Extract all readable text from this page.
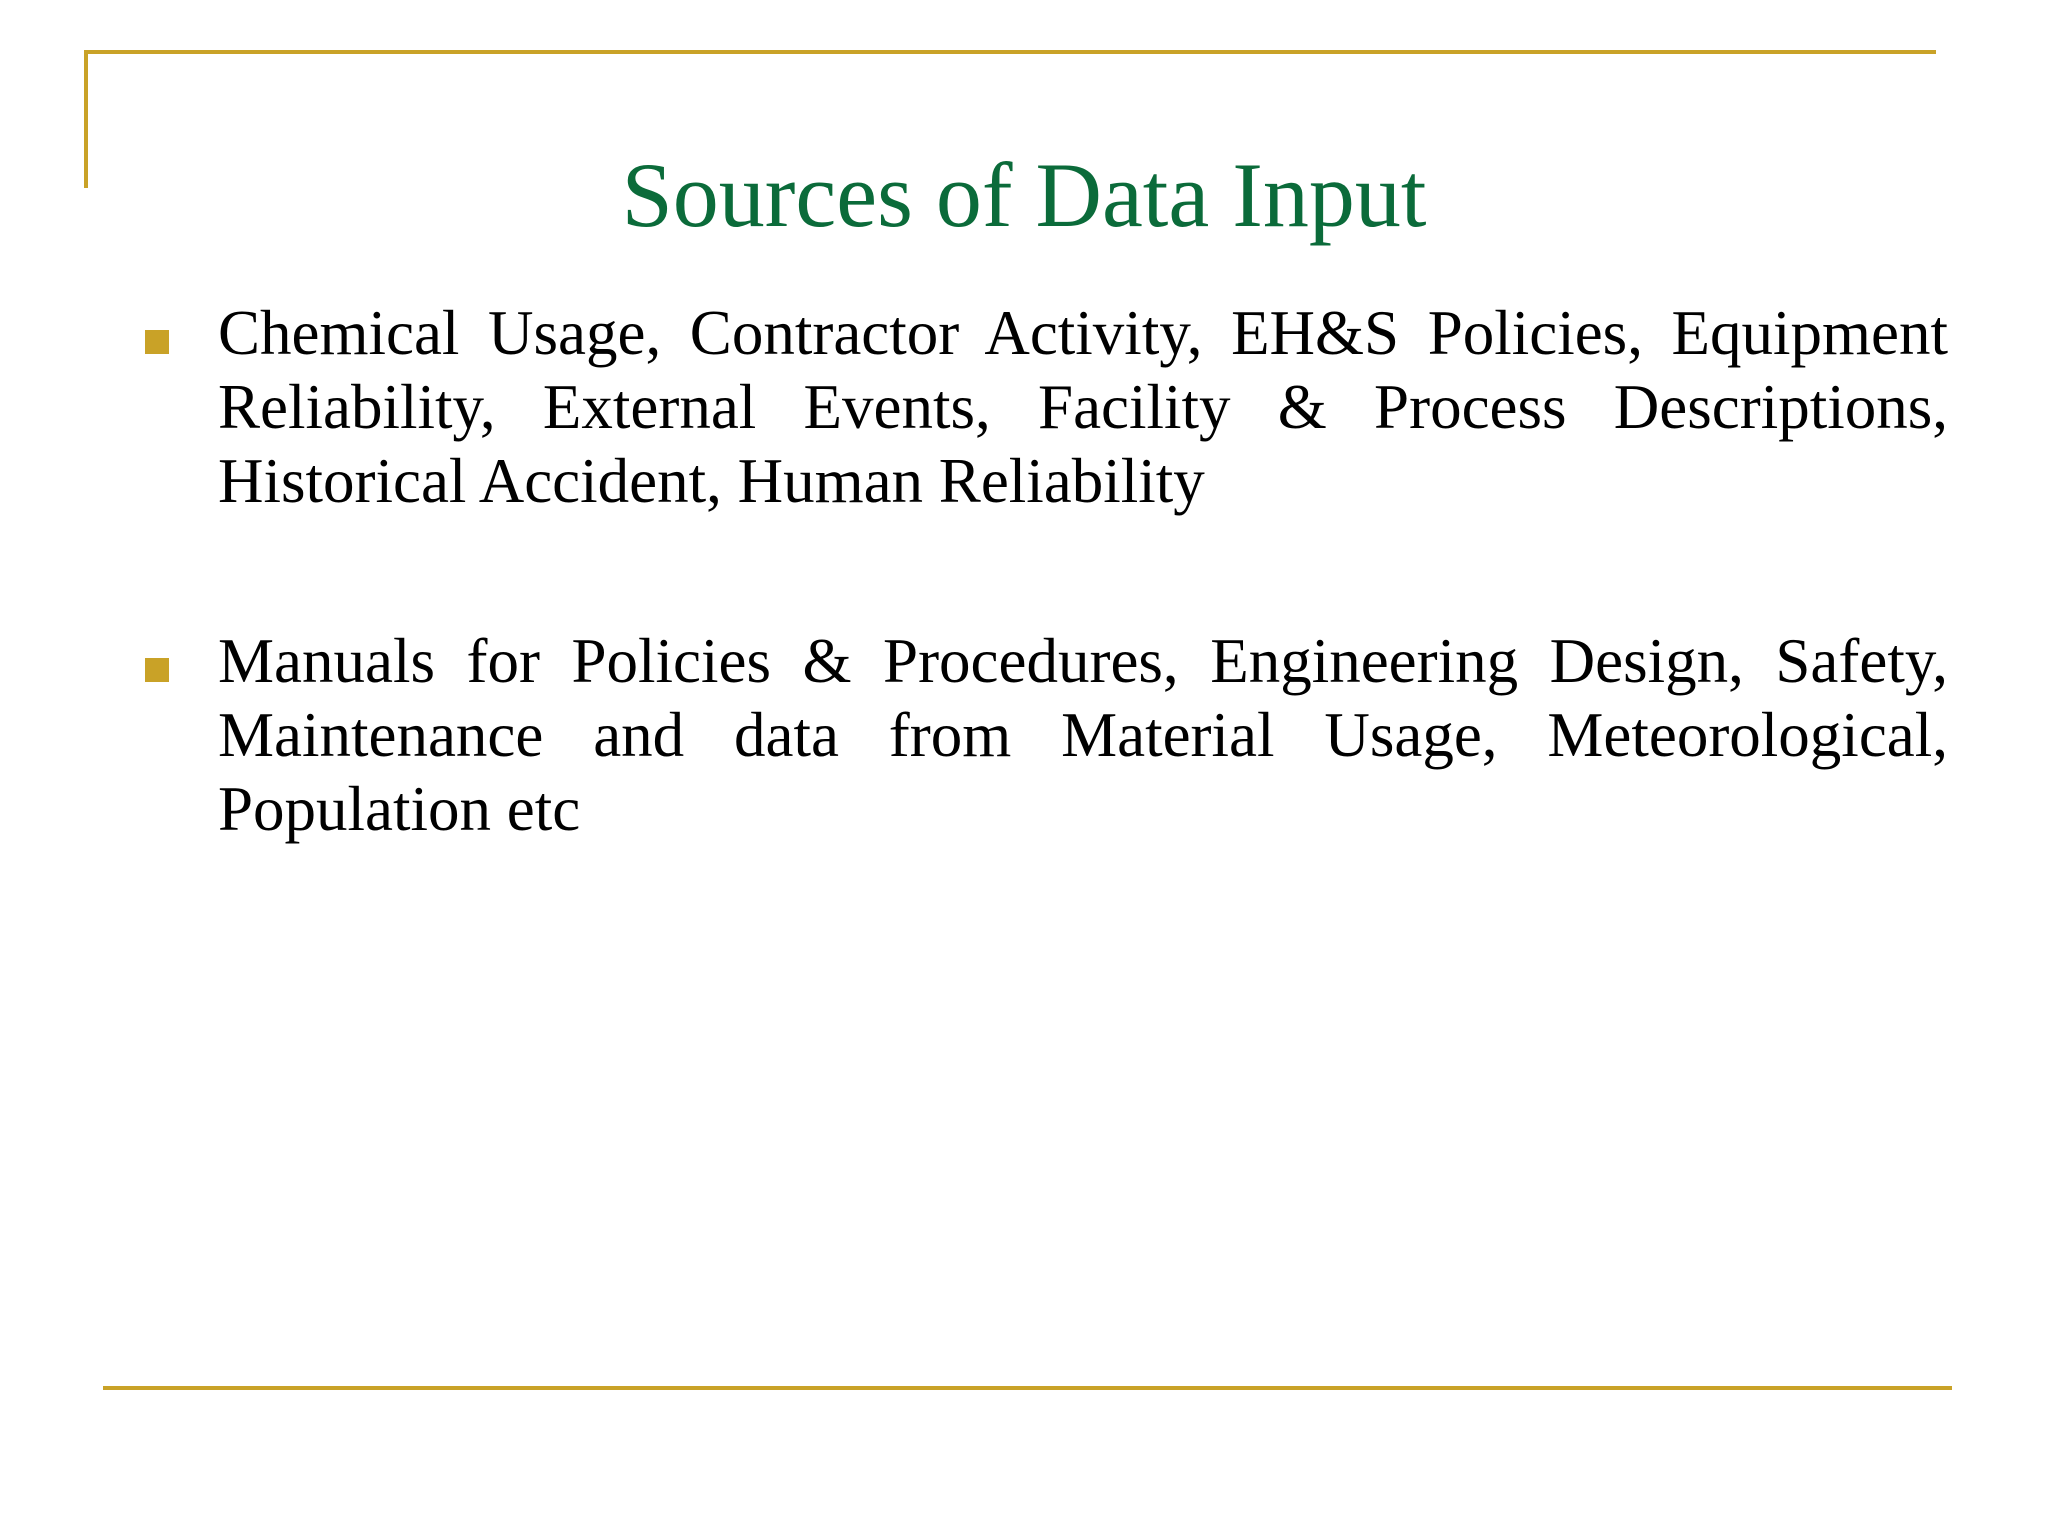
Sources of Data Input

Chemical Usage, Contractor Activity, EH&S Policies, Equipment Reliability, External Events, Facility & Process Descriptions, Historical Accident, Human Reliability

Manuals for Policies & Procedures, Engineering Design, Safety, Maintenance and data from Material Usage, Meteorological, Population etc
